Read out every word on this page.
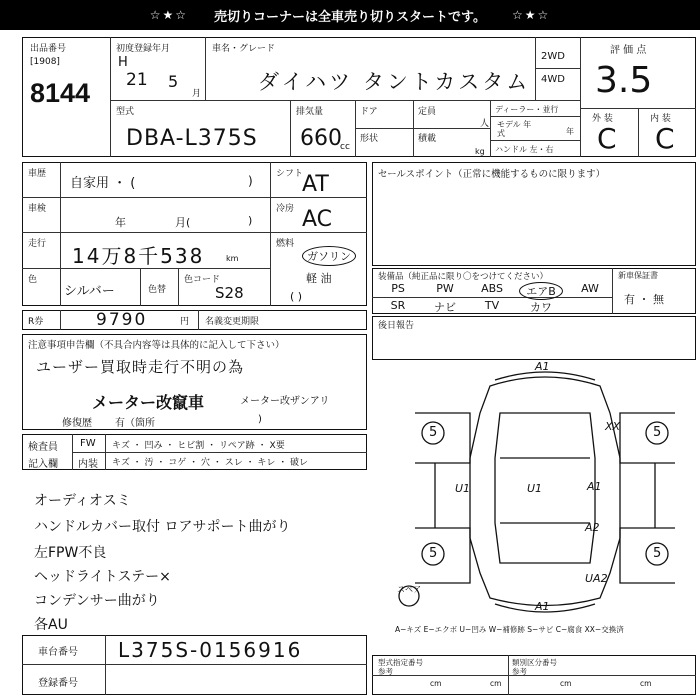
☆★☆ 売切りコーナーは全車売り切りスタートです。 ☆★☆
出品番号
[1908]
8144
初度登録年月
H
21 5
月
車名・グレード
ダイハツ タントカスタム
2WD
4WD
評 価 点
3.5
外 装	内 装
C C
型式
DBA-L375S
排気量
660
cc
ドア
形状
定員
人
積載
kg
ディーラー・並行
モデル 年式	年
ハンドル 左・右
車歴
自家用 ・ (	)
車検
年	月(	)
走行 14万8千538	km
色
シルバー	色替
色コード
S28
シフト
AT
冷房 AC
燃料
ガソリン
軽 油
( )
セールスポイント（正常に機能するものに限ります）
装備品（純正品に限り〇をつけてください）	新車保証書
有 ・ 無
PS	PW	ABS	エアB	AW
SR	ナビ	TV	カワ
R券	9790	円 名義変更期限	後日報告
注意事項申告欄（不具合内容等は具体的に記入して下さい）
ユーザー買取時走行不明の為
メーター改竄車	メーター改ザンアリ
修復歴 有（箇所	)
検査員
記入欄
FW キズ ・ 凹み ・ ヒビ割 ・ リペア跡 ・ X要
内装 キズ ・ 汚 ・ コゲ ・ 穴 ・ スレ ・ キレ ・ 破レ
オーディオスミ
ハンドルカバー取付 ロアサポート曲がり
左FPW不良
ヘッドライトステー×
コンデンサー曲がり
各AU
車台番号 L375S-0156916
登録番号
A1
XX
U1	U1	A1
A2
UA2
A1
5	5
5	5
スペア
A−キズ E−エクボ U−凹み W−補修跡 S−サビ C−腐食 XX−交換済
型式指定番号
参考
類別区分番号
参考
cm	cm	cm	cm
